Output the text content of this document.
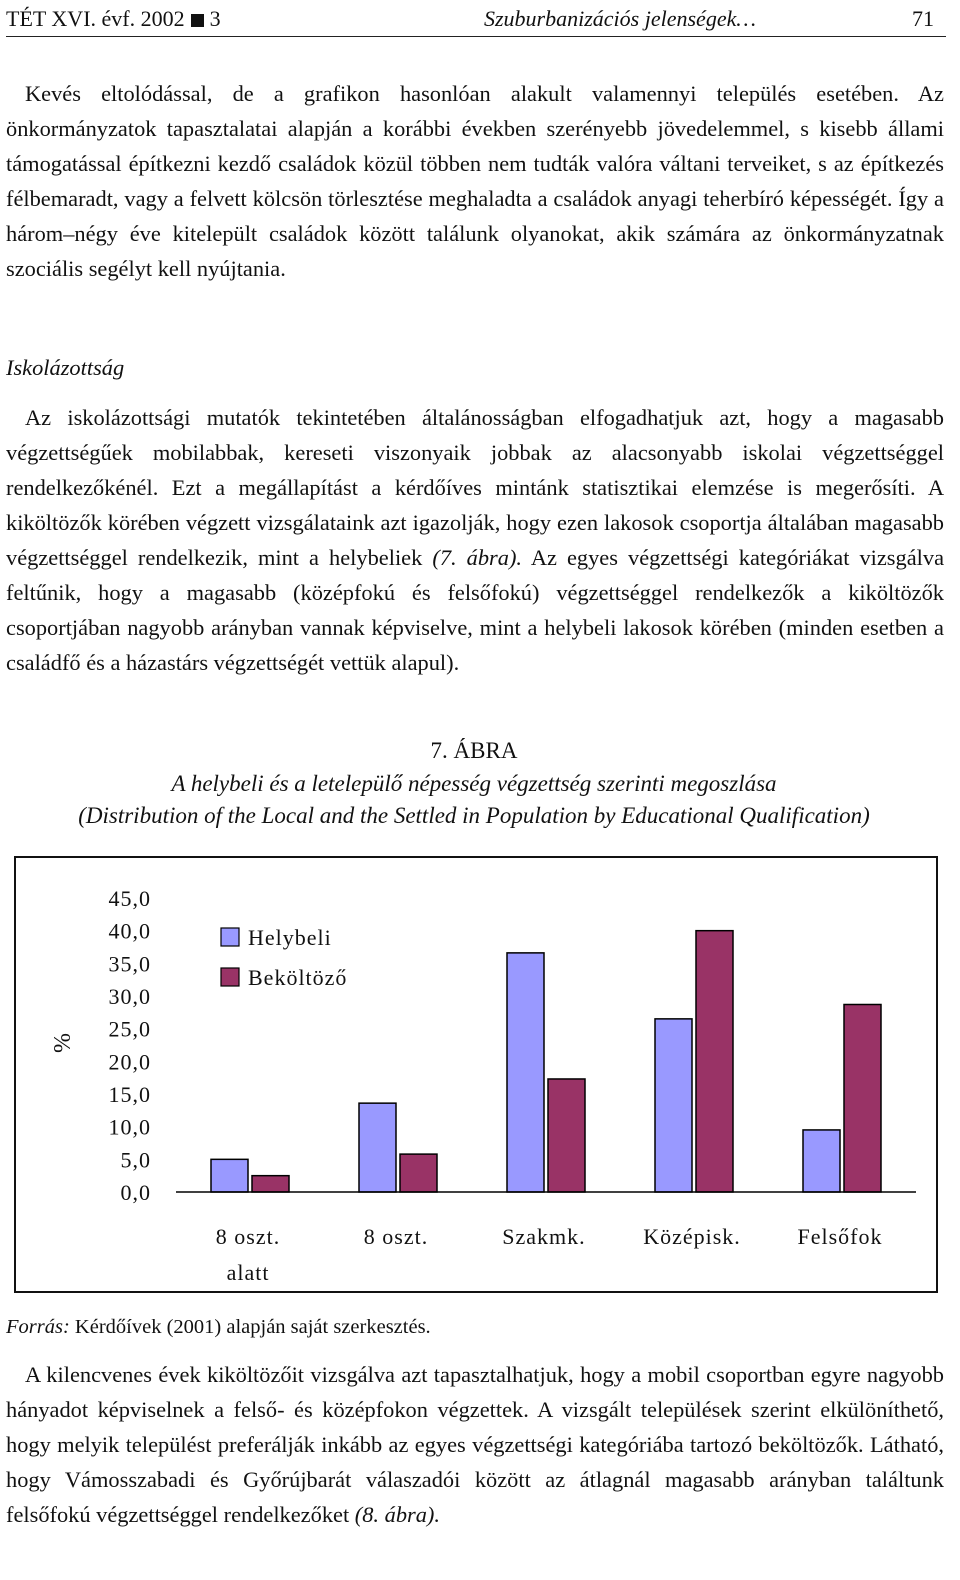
TÉT XVI. évf. 2002 3	Szuburbanizációs jelenségek…	71
Kevés eltolódással, de a grafikon hasonlóan alakult valamennyi település esetében. Az önkormányzatok tapasztalatai alapján a korábbi években szerényebb jövedelemmel, s kisebb állami támogatással építkezni kezdő családok közül többen nem tudták valóra váltani terveiket, s az építkezés félbemaradt, vagy a felvett kölcsön törlesztése meghaladta a családok anyagi teherbíró képességét. Így a három–négy éve kitelepült családok között találunk olyanokat, akik számára az önkormányzatnak szociális segélyt kell nyújtania.
Iskolázottság
Az iskolázottsági mutatók tekintetében általánosságban elfogadhatjuk azt, hogy a magasabb végzettségűek mobilabbak, kereseti viszonyaik jobbak az alacsonyabb iskolai végzettséggel rendelkezőkénél. Ezt a megállapítást a kérdőíves mintánk statisztikai elemzése is megerősíti. A kiköltözők körében végzett vizsgálataink azt igazolják, hogy ezen lakosok csoportja általában magasabb végzettséggel rendelkezik, mint a helybeliek (7. ábra). Az egyes végzettségi kategóriákat vizsgálva feltűnik, hogy a magasabb (középfokú és felsőfokú) végzettséggel rendelkezők a kiköltözők csoportjában nagyobb arányban vannak képviselve, mint a helybeli lakosok körében (minden esetben a családfő és a házastárs végzettségét vettük alapul).
7. ÁBRA
A helybeli és a letelepülő népesség végzettség szerinti megoszlása
(Distribution of the Local and the Settled in Population by Educational Qualification)
45,0
40,0
35,0
30,0
25,0
20,0
15,0
10,0
5,0
0,0
%
8 oszt.
alatt
8 oszt.	Szakmk.	Középisk.	Felsőfok
Helybeli
Beköltöző
Forrás: Kérdőívek (2001) alapján saját szerkesztés.
A kilencvenes évek kiköltözőit vizsgálva azt tapasztalhatjuk, hogy a mobil csoportban egyre nagyobb hányadot képviselnek a felső- és középfokon végzettek. A vizsgált települések szerint elkülöníthető, hogy melyik települést preferálják inkább az egyes végzettségi kategóriába tartozó beköltözők. Látható, hogy Vámosszabadi és Győrújbarát válaszadói között az átlagnál magasabb arányban találtunk felsőfokú végzettséggel rendelkezőket (8. ábra).
